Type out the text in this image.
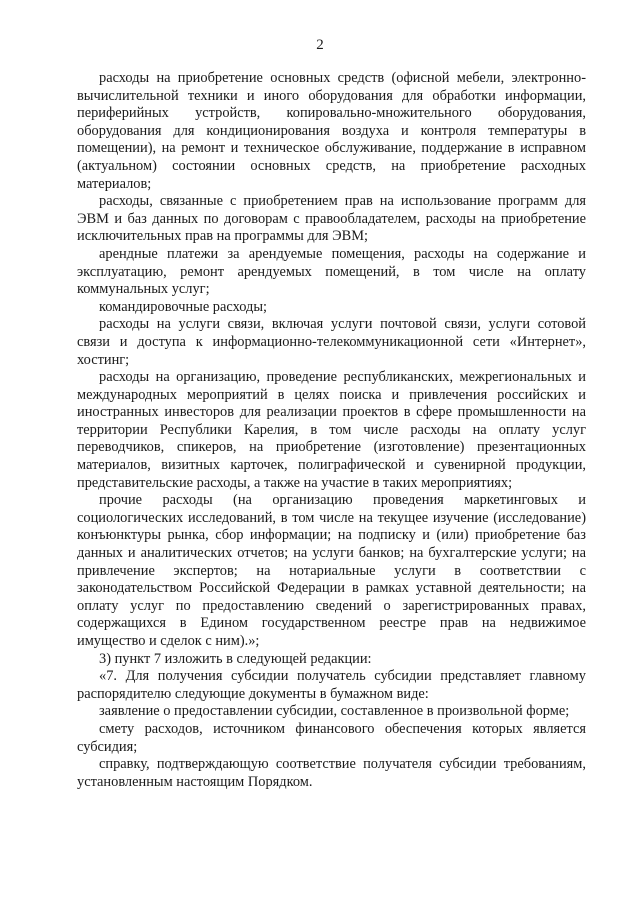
2

расходы на приобретение основных средств (офисной мебели, электронно-вычислительной техники и иного оборудования для обработки информации, периферийных устройств, копировально-множительного оборудования, оборудования для кондиционирования воздуха и контроля температуры в помещении), на ремонт и техническое обслуживание, поддержание в исправном (актуальном) состоянии основных средств, на приобретение расходных материалов;

расходы, связанные с приобретением прав на использование программ для ЭВМ и баз данных по договорам с правообладателем, расходы на приобретение исключительных прав на программы для ЭВМ;

арендные платежи за арендуемые помещения, расходы на содержание и эксплуатацию, ремонт арендуемых помещений, в том числе на оплату коммунальных услуг;

командировочные расходы;

расходы на услуги связи, включая услуги почтовой связи, услуги сотовой связи и доступа к информационно-телекоммуникационной сети «Интернет», хостинг;

расходы на организацию, проведение республиканских, межрегиональных и международных мероприятий в целях поиска и привлечения российских и иностранных инвесторов для реализации проектов в сфере промышленности на территории Республики Карелия, в том числе расходы на оплату услуг переводчиков, спикеров, на приобретение (изготовление) презентационных материалов, визитных карточек, полиграфической и сувенирной продукции, представительские расходы, а также на участие в таких мероприятиях;

прочие расходы (на организацию проведения маркетинговых и социологических исследований, в том числе на текущее изучение (исследование) конъюнктуры рынка, сбор информации; на подписку и (или) приобретение баз данных и аналитических отчетов; на услуги банков; на бухгалтерские услуги; на привлечение экспертов; на нотариальные услуги в соответствии с законодательством Российской Федерации в рамках уставной деятельности; на оплату услуг по предоставлению сведений о зарегистрированных правах, содержащихся в Едином государственном реестре прав на недвижимое имущество и сделок с ним).»;

3) пункт 7 изложить в следующей редакции:

«7. Для получения субсидии получатель субсидии представляет главному распорядителю следующие документы в бумажном виде:

заявление о предоставлении субсидии, составленное в произвольной форме;

смету расходов, источником финансового обеспечения которых является субсидия;

справку, подтверждающую соответствие получателя субсидии требованиям, установленным настоящим Порядком.
